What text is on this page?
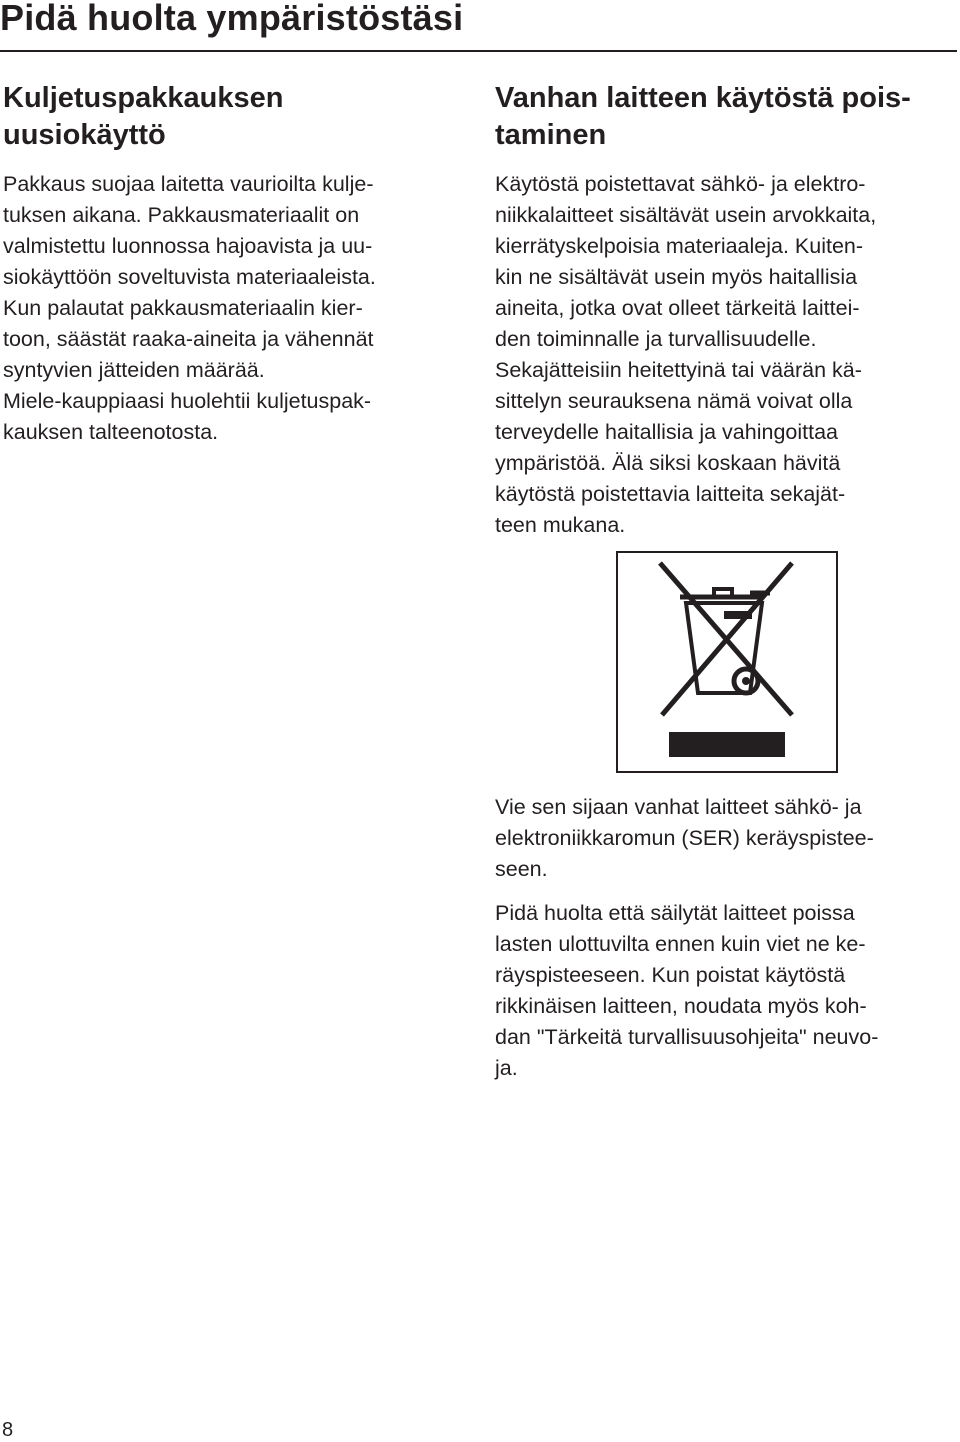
Pidä huolta ympäristöstäsi
Kuljetuspakkauksen
uusiokäyttö

Pakkaus suojaa laitetta vaurioilta kulje-
tuksen aikana. Pakkausmateriaalit on
valmistettu luonnossa hajoavista ja uu-
siokäyttöön soveltuvista materiaaleista.
Kun palautat pakkausmateriaalin kier-
toon, säästät raaka-aineita ja vähennät
syntyvien jätteiden määrää.
Miele-kauppiaasi huolehtii kuljetuspak-
kauksen talteenotosta.

Vanhan laitteen käytöstä pois-
taminen

Käytöstä poistettavat sähkö- ja elektro-
niikkalaitteet sisältävät usein arvokkaita,
kierrätyskelpoisia materiaaleja. Kuiten-
kin ne sisältävät usein myös haitallisia
aineita, jotka ovat olleet tärkeitä laittei-
den toiminnalle ja turvallisuudelle.
Sekajätteisiin heitettyinä tai väärän kä-
sittelyn seurauksena nämä voivat olla
terveydelle haitallisia ja vahingoittaa
ympäristöä. Älä siksi koskaan hävitä
käytöstä poistettavia laitteita sekajät-
teen mukana.

Vie sen sijaan vanhat laitteet sähkö- ja
elektroniikkaromun (SER) keräyspistee-
seen.

Pidä huolta että säilytät laitteet poissa
lasten ulottuvilta ennen kuin viet ne ke-
räyspisteeseen. Kun poistat käytöstä
rikkinäisen laitteen, noudata myös koh-
dan "Tärkeitä turvallisuusohjeita" neuvo-
ja.

8
